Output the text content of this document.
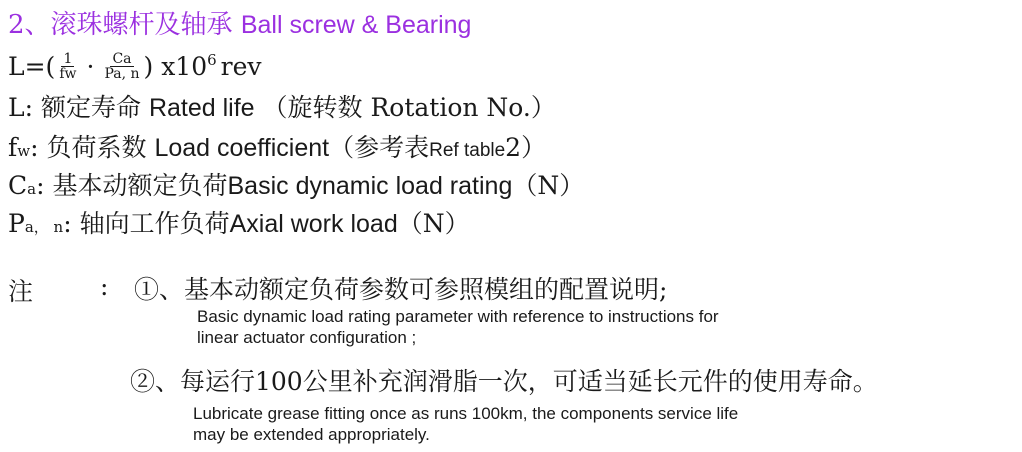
2、滚珠螺杆及轴承 Ball screw & Bearing
$L=( \frac{1}{fw} \cdot \frac{Ca}{Pa, n}$ ) x10 6 rev
L: 额定寿命 Rated life （旋转数 Rotation No.）
fw: 负荷系数 Load coefficient（参考表Ref table2）
Ca: 基本动额定负荷Basic dynamic load rating（N）
Pa， n: 轴向工作负荷Axial work load（N）
注	: ①、基本动额定负荷参数可参照模组的配置说明;
Basic dynamic load rating parameter with reference to instructions for
linear actuator configuration ;
②、每运行100公里补充润滑脂一次，可适当延长元件的使用寿命。
Lubricate grease fitting once as runs 100km, the components service life
may be extended appropriately.
